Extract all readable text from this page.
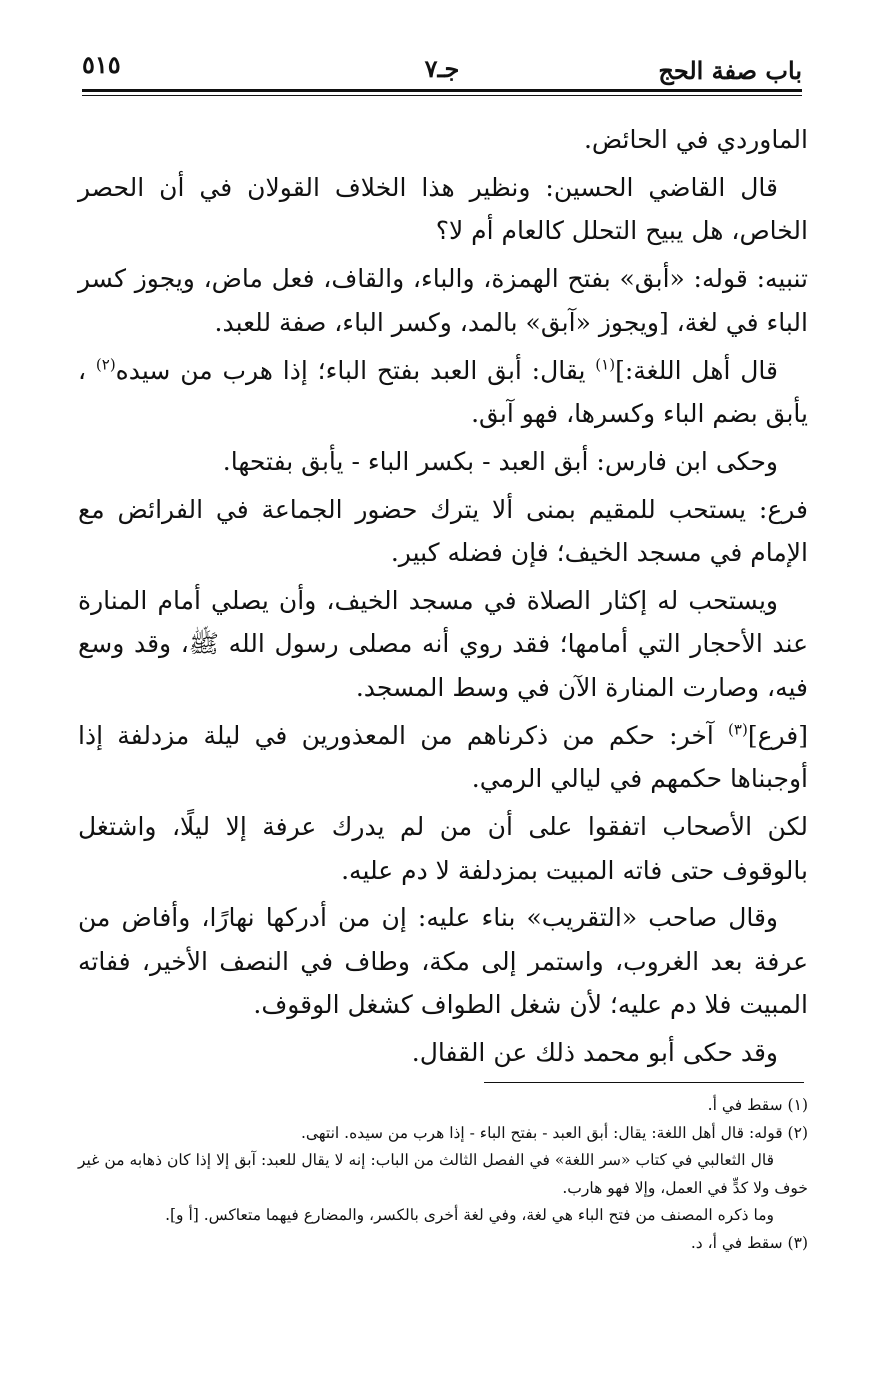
باب صفة الحج
جـ٧
٥١٥

الماوردي في الحائض.

قال القاضي الحسين: ونظير هذا الخلاف القولان في أن الحصر الخاص، هل يبيح التحلل كالعام أم لا؟

تنبيه: قوله: «أبق» بفتح الهمزة، والباء، والقاف، فعل ماض، ويجوز كسر الباء في لغة، [ويجوز «آبق» بالمد، وكسر الباء، صفة للعبد.

قال أهل اللغة:]$^{(١)}$ يقال: أبق العبد بفتح الباء؛ إذا هرب من سيده$^{(٢)}$ ، يأبق بضم الباء وكسرها، فهو آبق.

وحكى ابن فارس: أبق العبد - بكسر الباء - يأبق بفتحها.

فرع: يستحب للمقيم بمنى ألا يترك حضور الجماعة في الفرائض مع الإمام في مسجد الخيف؛ فإن فضله كبير.

ويستحب له إكثار الصلاة في مسجد الخيف، وأن يصلي أمام المنارة عند الأحجار التي أمامها؛ فقد روي أنه مصلى رسول الله ﷺ، وقد وسع فيه، وصارت المنارة الآن في وسط المسجد.

[فرع]$^{(٣)}$ آخر: حكم من ذكرناهم من المعذورين في ليلة مزدلفة إذا أوجبناها حكمهم في ليالي الرمي.

لكن الأصحاب اتفقوا على أن من لم يدرك عرفة إلا ليلًا، واشتغل بالوقوف حتى فاته المبيت بمزدلفة لا دم عليه.

وقال صاحب «التقريب» بناء عليه: إن من أدركها نهارًا، وأفاض من عرفة بعد الغروب، واستمر إلى مكة، وطاف في النصف الأخير، ففاته المبيت فلا دم عليه؛ لأن شغل الطواف كشغل الوقوف.

وقد حكى أبو محمد ذلك عن القفال.

(١) سقط في أ.

(٢) قوله: قال أهل اللغة: يقال: أبق العبد - بفتح الباء - إذا هرب من سيده. انتهى.

قال الثعالبي في كتاب «سر اللغة» في الفصل الثالث من الباب: إنه لا يقال للعبد: آبق إلا إذا كان ذهابه من غير خوف ولا كدٍّ في العمل، وإلا فهو هارب.

وما ذكره المصنف من فتح الباء هي لغة، وفي لغة أخرى بالكسر، والمضارع فيهما متعاكس. [أ و].

(٣) سقط في أ، د.
